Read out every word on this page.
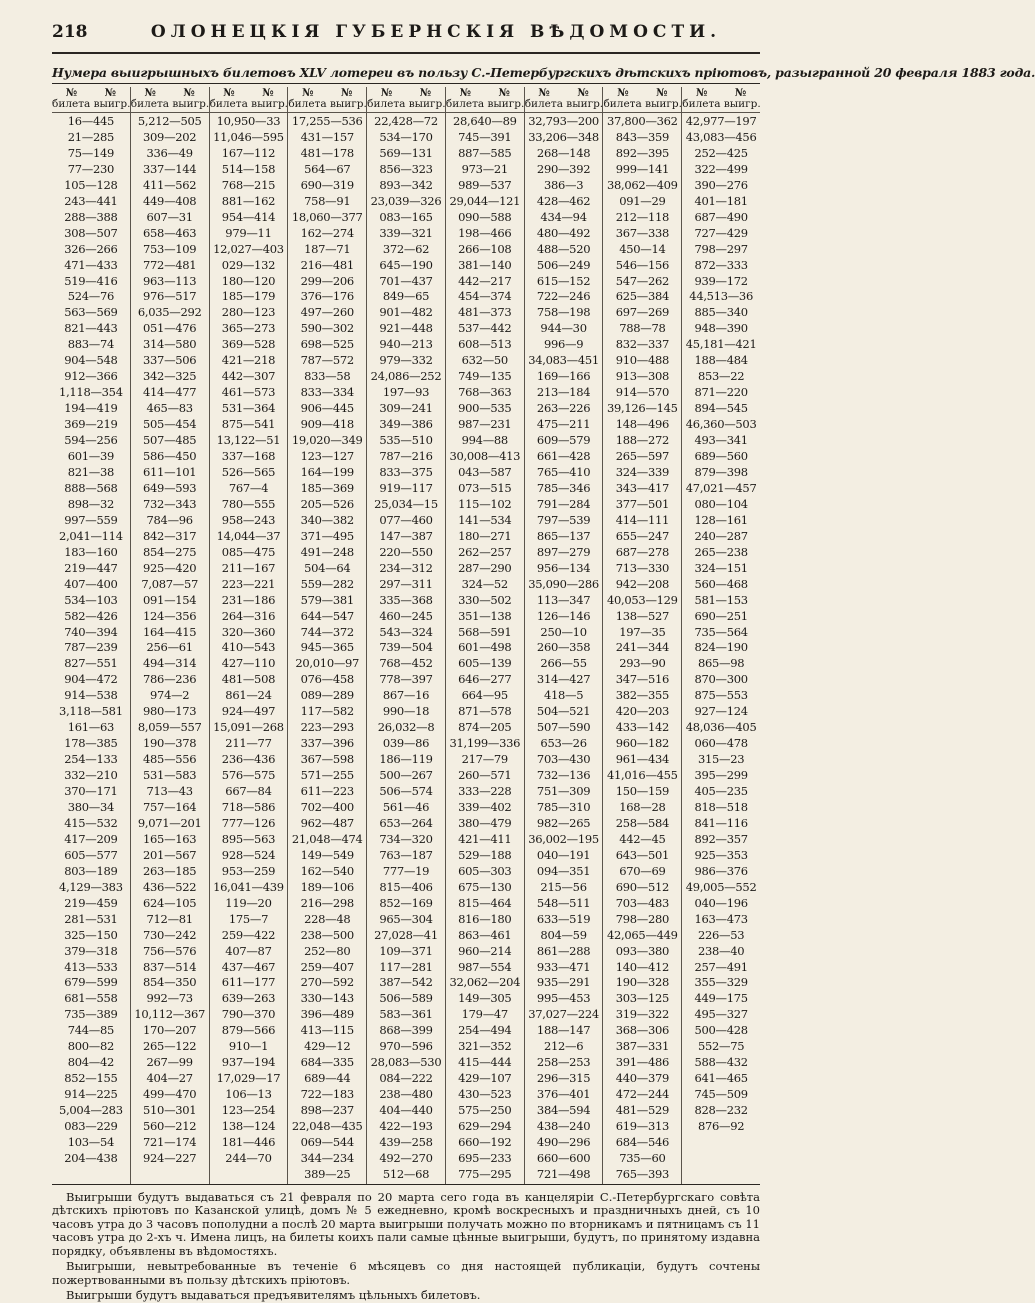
218	ОЛОНЕЦКІЯ ГУБЕРНСКІЯ ВѢДОМОСТИ.
Нумера выигрышныхъ билетовъ XLV лотереи въ пользу С.-Петербургскихъ дѣтскихъ пріютовъ, разыгранной 20 февраля 1883 года.
№	№
билета выигр.
16—445
21—285
75—149
77—230
105—128
243—441
288—388
308—507
326—266
471—433
519—416
524—76
563—569
821—443
883—74
904—548
912—366
1,118—354
194—419
369—219
594—256
601—39
821—38
888—568
898—32
997—559
2,041—114
183—160
219—447
407—400
534—103
582—426
740—394
787—239
827—551
904—472
914—538
3,118—581
161—63
178—385
254—133
332—210
370—171
380—34
415—532
417—209
605—577
803—189
4,129—383
219—459
281—531
325—150
379—318
413—533
679—599
681—558
735—389
744—85
800—82
804—42
852—155
914—225
5,004—283
083—229
103—54
204—438
№	№
билета выигр.
5,212—505
309—202
336—49
337—144
411—562
449—408
607—31
658—463
753—109
772—481
963—113
976—517
6,035—292
051—476
314—580
337—506
342—325
414—477
465—83
505—454
507—485
586—450
611—101
649—593
732—343
784—96
842—317
854—275
925—420
7,087—57
091—154
124—356
164—415
256—61
494—314
786—236
974—2
980—173
8,059—557
190—378
485—556
531—583
713—43
757—164
9,071—201
165—163
201—567
263—185
436—522
624—105
712—81
730—242
756—576
837—514
854—350
992—73
10,112—367
170—207
265—122
267—99
404—27
499—470
510—301
560—212
721—174
924—227
№	№
билета выигр.
10,950—33
11,046—595
167—112
514—158
768—215
881—162
954—414
979—11
12,027—403
029—132
180—120
185—179
280—123
365—273
369—528
421—218
442—307
461—573
531—364
875—541
13,122—51
337—168
526—565
767—4
780—555
958—243
14,044—37
085—475
211—167
223—221
231—186
264—316
320—360
410—543
427—110
481—508
861—24
924—497
15,091—268
211—77
236—436
576—575
667—84
718—586
777—126
895—563
928—524
953—259
16,041—439
119—20
175—7
259—422
407—87
437—467
611—177
639—263
790—370
879—566
910—1
937—194
17,029—17
106—13
123—254
138—124
181—446
244—70
№	№
билета выигр.
17,255—536
431—157
481—178
564—67
690—319
758—91
18,060—377
162—274
187—71
216—481
299—206
376—176
497—260
590—302
698—525
787—572
833—58
833—334
906—445
909—418
19,020—349
123—127
164—199
185—369
205—526
340—382
371—495
491—248
504—64
559—282
579—381
644—547
744—372
945—365
20,010—97
076—458
089—289
117—582
223—293
337—396
367—598
571—255
611—223
702—400
962—487
21,048—474
149—549
162—540
189—106
216—298
228—48
238—500
252—80
259—407
270—592
330—143
396—489
413—115
429—12
684—335
689—44
722—183
898—237
22,048—435
069—544
344—234
389—25
№	№
билета выигр.
22,428—72
534—170
569—131
856—323
893—342
23,039—326
083—165
339—321
372—62
645—190
701—437
849—65
901—482
921—448
940—213
979—332
24,086—252
197—93
309—241
349—386
535—510
787—216
833—375
919—117
25,034—15
077—460
147—387
220—550
234—312
297—311
335—368
460—245
543—324
739—504
768—452
778—397
867—16
990—18
26,032—8
039—86
186—119
500—267
506—574
561—46
653—264
734—320
763—187
777—19
815—406
852—169
965—304
27,028—41
109—371
117—281
387—542
506—589
583—361
868—399
970—596
28,083—530
084—222
238—480
404—440
422—193
439—258
492—270
512—68
№	№
билета выигр.
28,640—89
745—391
887—585
973—21
989—537
29,044—121
090—588
198—466
266—108
381—140
442—217
454—374
481—373
537—442
608—513
632—50
749—135
768—363
900—535
987—231
994—88
30,008—413
043—587
073—515
115—102
141—534
180—271
262—257
287—290
324—52
330—502
351—138
568—591
601—498
605—139
646—277
664—95
871—578
874—205
31,199—336
217—79
260—571
333—228
339—402
380—479
421—411
529—188
605—303
675—130
815—464
816—180
863—461
960—214
987—554
32,062—204
149—305
179—47
254—494
321—352
415—444
429—107
430—523
575—250
629—294
660—192
695—233
775—295
№	№
билета выигр.
32,793—200
33,206—348
268—148
290—392
386—3
428—462
434—94
480—492
488—520
506—249
615—152
722—246
758—198
944—30
996—9
34,083—451
169—166
213—184
263—226
475—211
609—579
661—428
765—410
785—346
791—284
797—539
865—137
897—279
956—134
35,090—286
113—347
126—146
250—10
260—358
266—55
314—427
418—5
504—521
507—590
653—26
703—430
732—136
751—309
785—310
982—265
36,002—195
040—191
094—351
215—56
548—511
633—519
804—59
861—288
933—471
935—291
995—453
37,027—224
188—147
212—6
258—253
296—315
376—401
384—594
438—240
490—296
660—600
721—498
№	№
билета выигр.
37,800—362
843—359
892—395
999—141
38,062—409
091—29
212—118
367—338
450—14
546—156
547—262
625—384
697—269
788—78
832—337
910—488
913—308
914—570
39,126—145
148—496
188—272
265—597
324—339
343—417
377—501
414—111
655—247
687—278
713—330
942—208
40,053—129
138—527
197—35
241—344
293—90
347—516
382—355
420—203
433—142
960—182
961—434
41,016—455
150—159
168—28
258—584
442—45
643—501
670—69
690—512
703—483
798—280
42,065—449
093—380
140—412
190—328
303—125
319—322
368—306
387—331
391—486
440—379
472—244
481—529
619—313
684—546
735—60
765—393
№	№
билета выигр.
42,977—197
43,083—456
252—425
322—499
390—276
401—181
687—490
727—429
798—297
872—333
939—172
44,513—36
885—340
948—390
45,181—421
188—484
853—22
871—220
894—545
46,360—503
493—341
689—560
879—398
47,021—457
080—104
128—161
240—287
265—238
324—151
560—468
581—153
690—251
735—564
824—190
865—98
870—300
875—553
927—124
48,036—405
060—478
315—23
395—299
405—235
818—518
841—116
892—357
925—353
986—376
49,005—552
040—196
163—473
226—53
238—40
257—491
355—329
449—175
495—327
500—428
552—75
588—432
641—465
745—509
828—232
876—92

Выигрыши будутъ выдаваться съ 21 февраля по 20 марта сего года въ канцеляріи С.-Петербургскаго совѣта дѣтскихъ пріютовъ по Казанской улицѣ, домъ № 5 ежедневно, кромѣ воскресныхъ и праздничныхъ дней, съ 10 часовъ утра до 3 часовъ пополудни а послѣ 20 марта выигрыши получать можно по вторникамъ и пятницамъ съ 11 часовъ утра до 2-хъ ч. Имена лицъ, на билеты коихъ пали самые цѣнные выигрыши, будутъ, по принятому издавна порядку, объявлены въ вѣдомостяхъ.

Выигрыши, невытребованные въ теченіе 6 мѣсяцевъ со дня настоящей публикаціи, будутъ сочтены пожертвованными въ пользу дѣтскихъ пріютовъ.

Выигрыши будутъ выдаваться предъявителямъ цѣльныхъ билетовъ.
